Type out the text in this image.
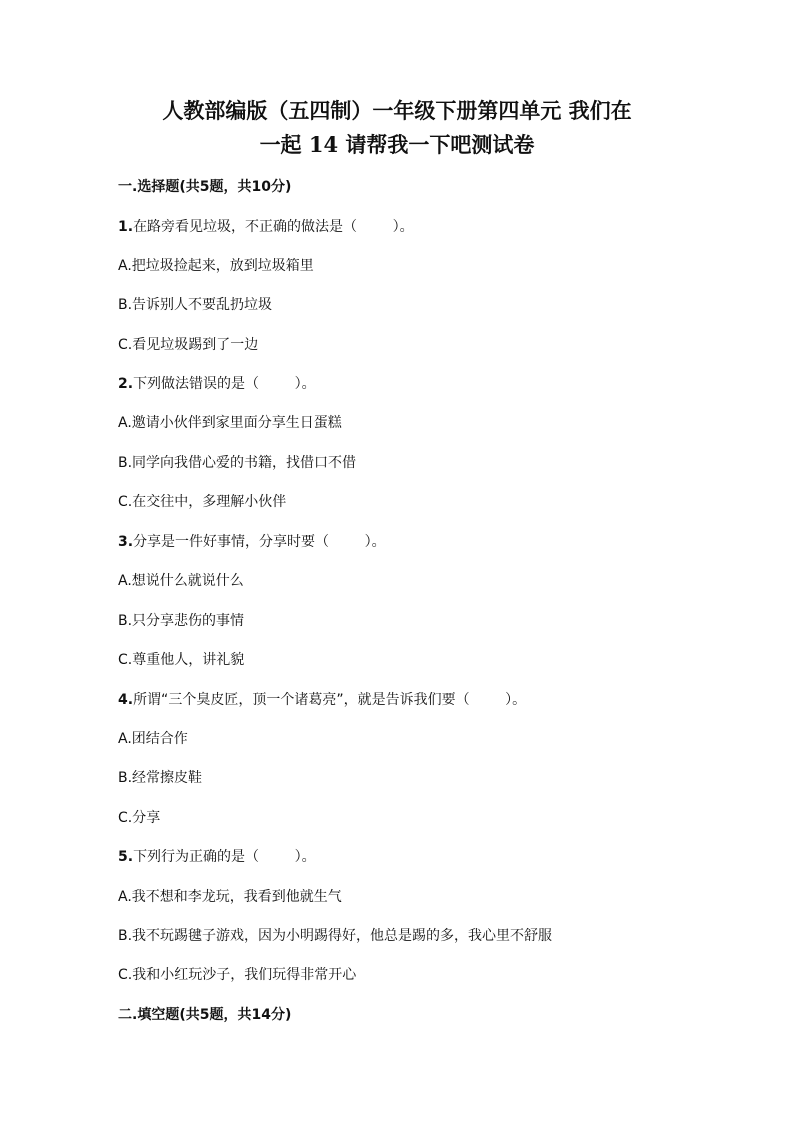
人教部编版（五四制）一年级下册第四单元 我们在
一起 14 请帮我一下吧测试卷
一.选择题(共5题，共10分)

1.在路旁看见垃圾，不正确的做法是（        ）。

A.把垃圾捡起来，放到垃圾箱里

B.告诉别人不要乱扔垃圾

C.看见垃圾踢到了一边

2.下列做法错误的是（        ）。

A.邀请小伙伴到家里面分享生日蛋糕

B.同学向我借心爱的书籍，找借口不借

C.在交往中，多理解小伙伴

3.分享是一件好事情，分享时要（        ）。

A.想说什么就说什么

B.只分享悲伤的事情

C.尊重他人，讲礼貌

4.所谓“三个臭皮匠，顶一个诸葛亮”，就是告诉我们要（        ）。

A.团结合作

B.经常擦皮鞋

C.分享

5.下列行为正确的是（        ）。

A.我不想和李龙玩，我看到他就生气

B.我不玩踢毽子游戏，因为小明踢得好，他总是踢的多，我心里不舒服

C.我和小红玩沙子，我们玩得非常开心

二.填空题(共5题，共14分)
